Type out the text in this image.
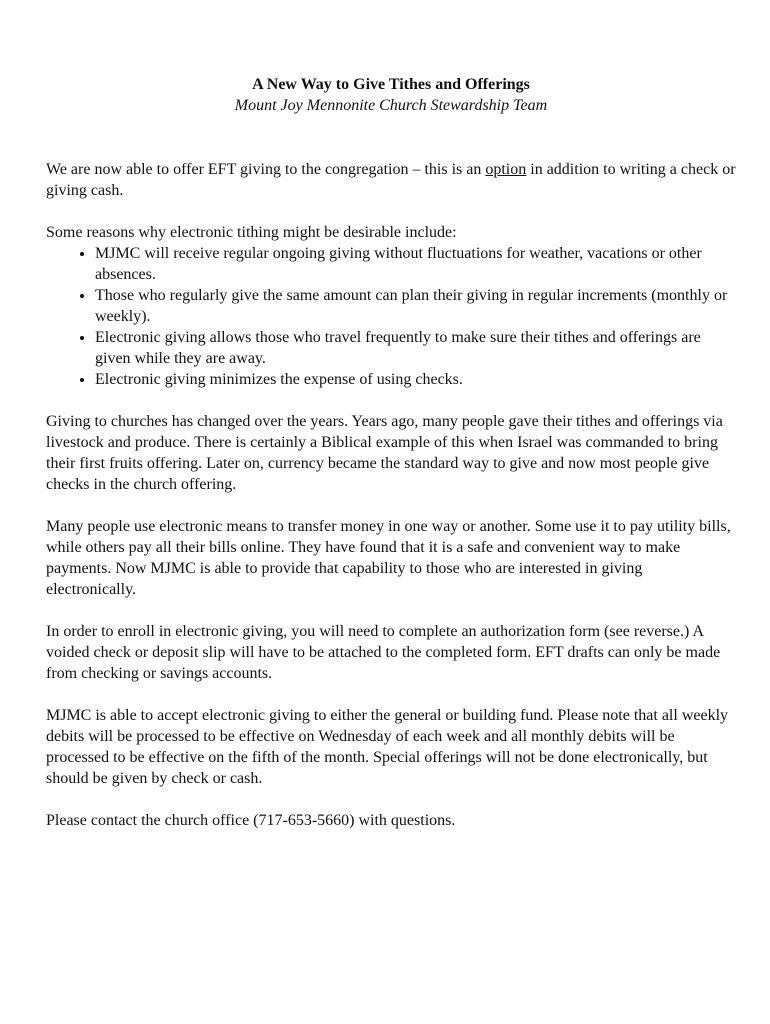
A New Way to Give Tithes and Offerings
Mount Joy Mennonite Church Stewardship Team

We are now able to offer EFT giving to the congregation – this is an option in addition to writing a check or giving cash.

Some reasons why electronic tithing might be desirable include:

• MJMC will receive regular ongoing giving without fluctuations for weather, vacations or other absences.
• Those who regularly give the same amount can plan their giving in regular increments (monthly or weekly).
• Electronic giving allows those who travel frequently to make sure their tithes and offerings are given while they are away.
• Electronic giving minimizes the expense of using checks.

Giving to churches has changed over the years. Years ago, many people gave their tithes and offerings via livestock and produce. There is certainly a Biblical example of this when Israel was commanded to bring their first fruits offering. Later on, currency became the standard way to give and now most people give checks in the church offering.

Many people use electronic means to transfer money in one way or another. Some use it to pay utility bills, while others pay all their bills online. They have found that it is a safe and convenient way to make payments. Now MJMC is able to provide that capability to those who are interested in giving electronically.

In order to enroll in electronic giving, you will need to complete an authorization form (see reverse.) A voided check or deposit slip will have to be attached to the completed form. EFT drafts can only be made from checking or savings accounts.

MJMC is able to accept electronic giving to either the general or building fund. Please note that all weekly debits will be processed to be effective on Wednesday of each week and all monthly debits will be processed to be effective on the fifth of the month. Special offerings will not be done electronically, but should be given by check or cash.

Please contact the church office (717-653-5660) with questions.
